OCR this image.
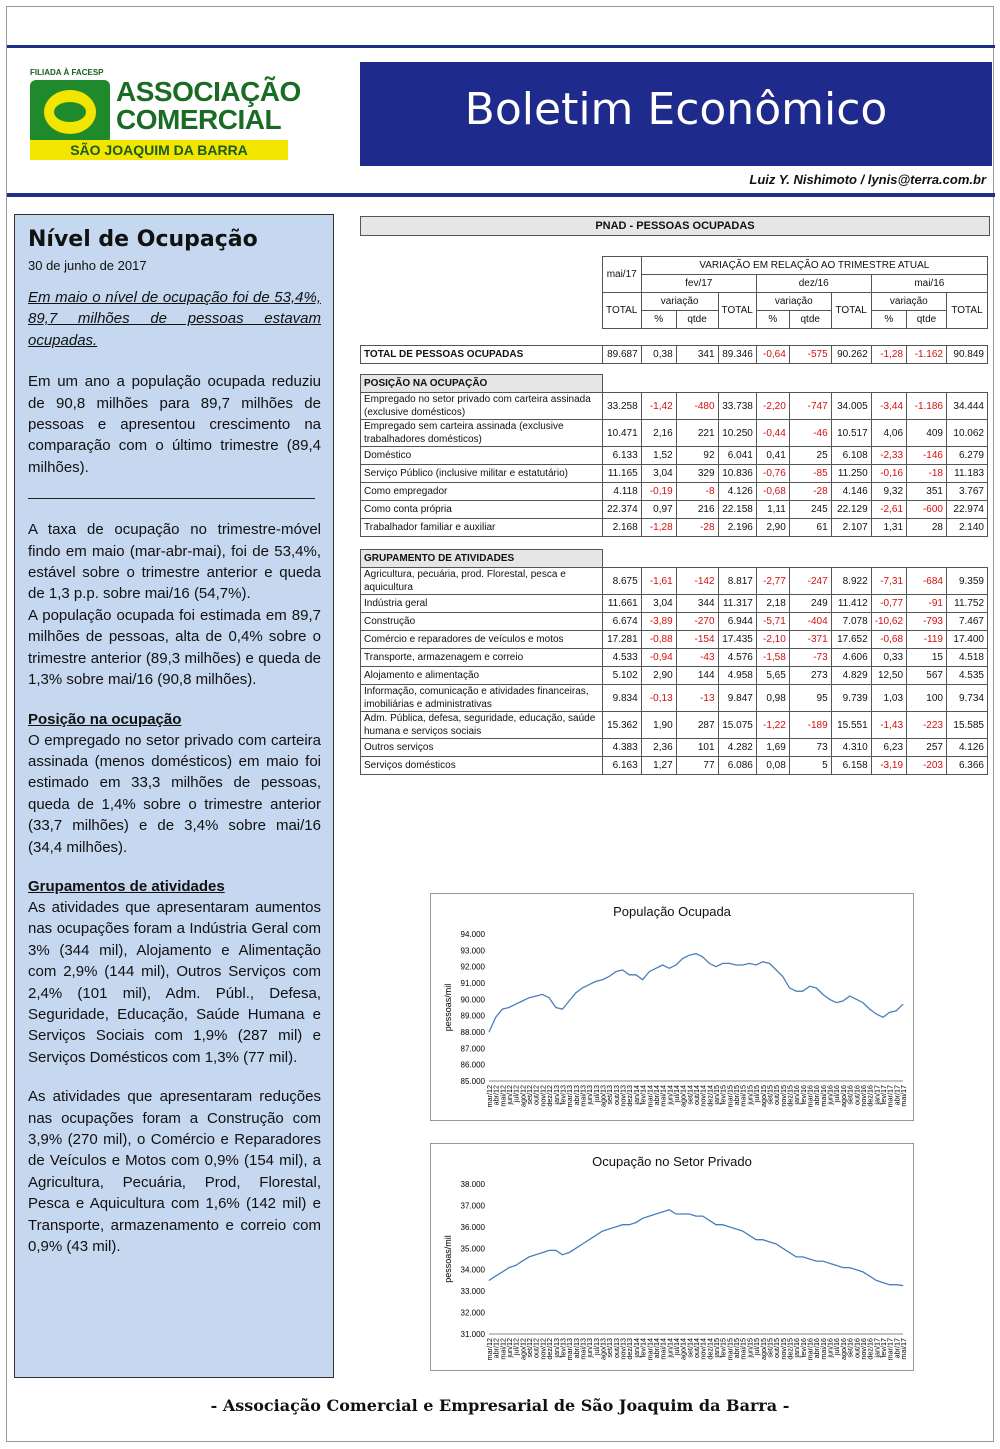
FILIADA À FACESP
ASSOCIAÇÃO
COMERCIAL
SÃO JOAQUIM DA BARRA
Boletim Econômico
Luiz Y. Nishimoto / lynis@terra.com.br
Nível de Ocupação
30 de junho de 2017

Em maio o nível de ocupação foi de 53,4%, 89,7 milhões de pessoas estavam ocupadas.

Em um ano a população ocupada reduziu de 90,8 milhões para 89,7 milhões de pessoas e apresentou crescimento na comparação com o último trimestre (89,4 milhões).

A taxa de ocupação no trimestre-móvel findo em maio (mar-abr-mai), foi de 53,4%, estável sobre o trimestre anterior e queda de 1,3 p.p. sobre mai/16 (54,7%).

A população ocupada foi estimada em 89,7 milhões de pessoas, alta de 0,4% sobre o trimestre anterior (89,3 milhões) e queda de 1,3% sobre mai/16 (90,8 milhões).

Posição na ocupação

O empregado no setor privado com carteira assinada (menos domésticos) em maio foi estimado em 33,3 milhões de pessoas, queda de 1,4% sobre o trimestre anterior (33,7 milhões) e de 3,4% sobre mai/16 (34,4 milhões).

Grupamentos de atividades

As atividades que apresentaram aumentos nas ocupações foram a Indústria Geral com 3% (344 mil), Alojamento e Alimentação com 2,9% (144 mil), Outros Serviços com 2,4% (101 mil), Adm. Públ., Defesa, Seguridade, Educação, Saúde Humana e Serviços Sociais com 1,9% (287 mil) e Serviços Domésticos com 1,3% (77 mil).

As atividades que apresentaram reduções nas ocupações foram a Construção com 3,9% (270 mil), o Comércio e Reparadores de Veículos e Motos com 0,9% (154 mil), a Agricultura, Pecuária, Prod, Florestal, Pesca e Aquicultura com 1,6% (142 mil) e Transporte, armazenamento e correio com 0,9% (43 mil).

PNAD - PESSOAS OCUPADAS
	mai/17	VARIAÇÃO EM RELAÇÃO AO TRIMESTRE ATUAL								
		fev/17			dez/16			mai/16		
	TOTAL	variação		TOTAL	variação		TOTAL	variação		TOTAL
		%	qtde		%	qtde		%	qtde	

TOTAL DE PESSOAS OCUPADAS	89.687	0,38	341	89.346	-0,64	-575	90.262	-1,28	-1.162	90.849

POSIÇÃO NA OCUPAÇÃO										
Empregado no setor privado com carteira assinada (exclusive domésticos)	33.258	-1,42	-480	33.738	-2,20	-747	34.005	-3,44	-1.186	34.444
Empregado sem carteira assinada (exclusive trabalhadores domésticos)	10.471	2,16	221	10.250	-0,44	-46	10.517	4,06	409	10.062
Doméstico	6.133	1,52	92	6.041	0,41	25	6.108	-2,33	-146	6.279
Serviço Público (inclusive militar e estatutário)	11.165	3,04	329	10.836	-0,76	-85	11.250	-0,16	-18	11.183
Como empregador	4.118	-0,19	-8	4.126	-0,68	-28	4.146	9,32	351	3.767
Como conta própria	22.374	0,97	216	22.158	1,11	245	22.129	-2,61	-600	22.974
Trabalhador familiar e auxiliar	2.168	-1,28	-28	2.196	2,90	61	2.107	1,31	28	2.140

GRUPAMENTO DE ATIVIDADES										
Agricultura, pecuária, prod. Florestal, pesca e aquicultura	8.675	-1,61	-142	8.817	-2,77	-247	8.922	-7,31	-684	9.359
Indústria geral	11.661	3,04	344	11.317	2,18	249	11.412	-0,77	-91	11.752
Construção	6.674	-3,89	-270	6.944	-5,71	-404	7.078	-10,62	-793	7.467
Comércio e reparadores de veículos e motos	17.281	-0,88	-154	17.435	-2,10	-371	17.652	-0,68	-119	17.400
Transporte, armazenagem e correio	4.533	-0,94	-43	4.576	-1,58	-73	4.606	0,33	15	4.518
Alojamento e alimentação	5.102	2,90	144	4.958	5,65	273	4.829	12,50	567	4.535
Informação, comunicação e atividades financeiras, imobiliárias e administrativas	9.834	-0,13	-13	9.847	0,98	95	9.739	1,03	100	9.734
Adm. Pública, defesa, seguridade, educação, saúde humana e serviços sociais	15.362	1,90	287	15.075	-1,22	-189	15.551	-1,43	-223	15.585
Outros serviços	4.383	2,36	101	4.282	1,69	73	4.310	6,23	257	4.126
Serviços domésticos	6.163	1,27	77	6.086	0,08	5	6.158	-3,19	-203	6.366
População Ocupada
pessoas/mil
85.000
86.000
87.000
88.000
89.000
90.000
91.000
92.000
93.000
94.000
mar/12
abr/12
mai/12
jun/12
jul/12
ago/12
set/12
out/12
nov/12
dez/12
jan/13
fev/13
mar/13
abr/13
mai/13
jun/13
jul/13
ago/13
set/13
out/13
nov/13
dez/13
jan/14
fev/14
mar/14
abr/14
mai/14
jun/14
jul/14
ago/14
set/14
out/14
nov/14
dez/14
jan/15
fev/15
mar/15
abr/15
mai/15
jun/15
jul/15
ago/15
set/15
out/15
nov/15
dez/15
jan/16
fev/16
mar/16
abr/16
mai/16
jun/16
jul/16
ago/16
set/16
out/16
nov/16
dez/16
jan/17
fev/17
mar/17
abr/17
mai/17
Ocupação no Setor Privado
pessoas/mil
31.000
32.000
33.000
34.000
35.000
36.000
37.000
38.000
mar/12
abr/12
mai/12
jun/12
jul/12
ago/12
set/12
out/12
nov/12
dez/12
jan/13
fev/13
mar/13
abr/13
mai/13
jun/13
jul/13
ago/13
set/13
out/13
nov/13
dez/13
jan/14
fev/14
mar/14
abr/14
mai/14
jun/14
jul/14
ago/14
set/14
out/14
nov/14
dez/14
jan/15
fev/15
mar/15
abr/15
mai/15
jun/15
jul/15
ago/15
set/15
out/15
nov/15
dez/15
jan/16
fev/16
mar/16
abr/16
mai/16
jun/16
jul/16
ago/16
set/16
out/16
nov/16
dez/16
jan/17
fev/17
mar/17
abr/17
mai/17
- Associação Comercial e Empresarial de São Joaquim da Barra -
